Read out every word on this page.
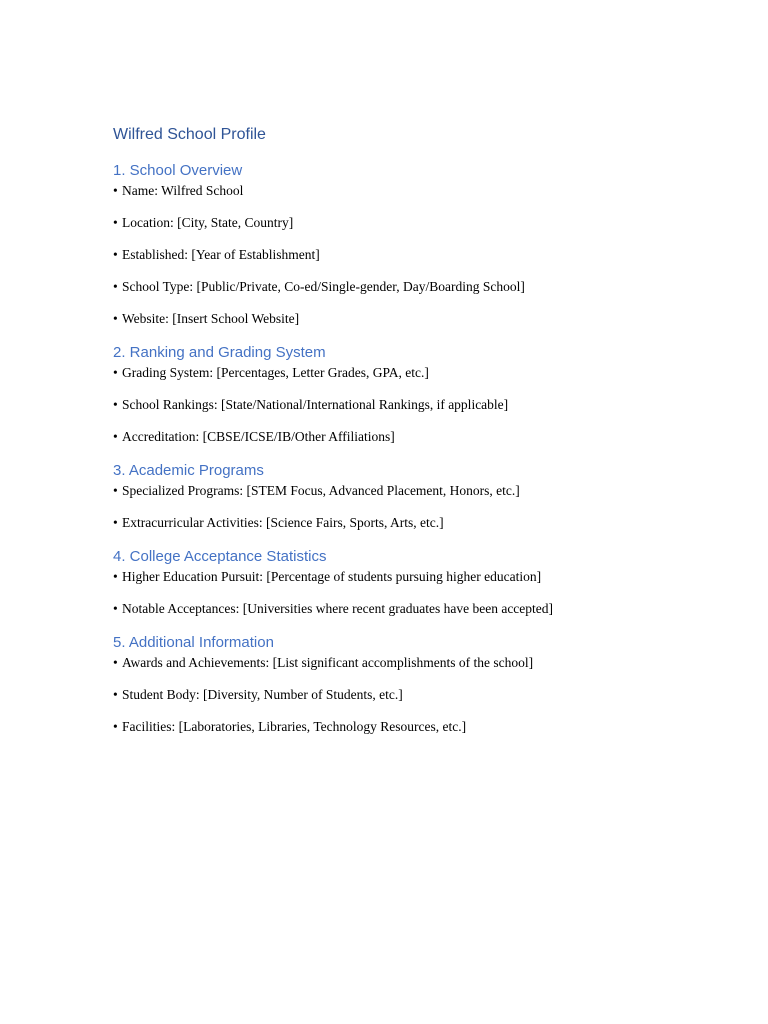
Wilfred School Profile
1. School Overview
• Name: Wilfred School
• Location: [City, State, Country]
• Established: [Year of Establishment]
• School Type: [Public/Private, Co-ed/Single-gender, Day/Boarding School]
• Website: [Insert School Website]
2. Ranking and Grading System
• Grading System: [Percentages, Letter Grades, GPA, etc.]
• School Rankings: [State/National/International Rankings, if applicable]
• Accreditation: [CBSE/ICSE/IB/Other Affiliations]
3. Academic Programs
• Specialized Programs: [STEM Focus, Advanced Placement, Honors, etc.]
• Extracurricular Activities: [Science Fairs, Sports, Arts, etc.]
4. College Acceptance Statistics
• Higher Education Pursuit: [Percentage of students pursuing higher education]
• Notable Acceptances: [Universities where recent graduates have been accepted]
5. Additional Information
• Awards and Achievements: [List significant accomplishments of the school]
• Student Body: [Diversity, Number of Students, etc.]
• Facilities: [Laboratories, Libraries, Technology Resources, etc.]
